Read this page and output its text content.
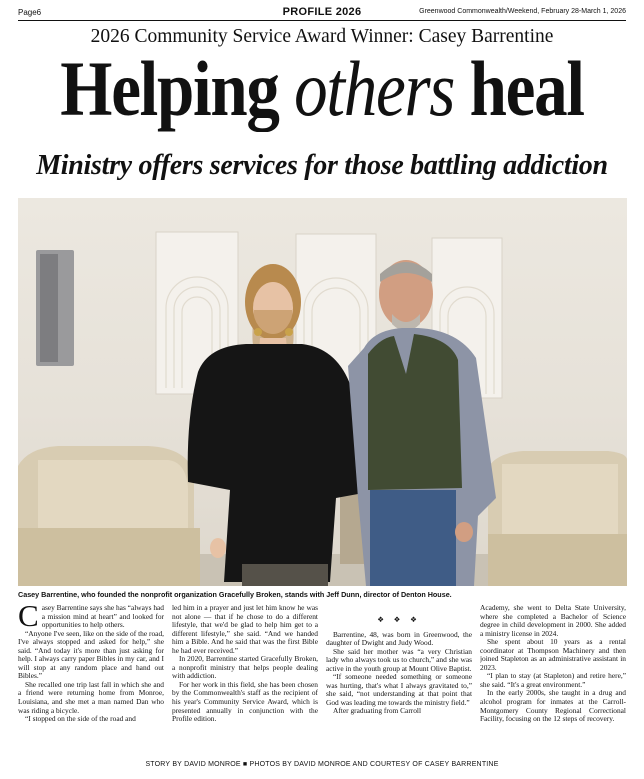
Page6	PROFILE 2026	Greenwood Commonwealth/Weekend, February 28-March 1, 2026
2026 Community Service Award Winner: Casey Barrentine
Helping others heal
Ministry offers services for those battling addiction
Casey Barrentine, who founded the nonprofit organization Gracefully Broken, stands with Jeff Dunn, director of Denton House.

Casey Barrentine says she has “always had a mission mind at heart” and looked for opportunities to help others.

“Anyone I've seen, like on the side of the road, I've always stopped and asked for help,” she said. “And today it's more than just asking for help. I always carry paper Bibles in my car, and I will stop at any random place and hand out Bibles.”

She recalled one trip last fall in which she and a friend were returning home from Monroe, Louisiana, and she met a man named Dan who was riding a bicycle.

“I stopped on the side of the road and

led him in a prayer and just let him know he was not alone — that if he chose to do a different lifestyle, that we'd be glad to help him get to a different lifestyle,” she said. “And we handed him a Bible. And he said that was the first Bible he had ever received.”

In 2020, Barrentine started Gracefully Broken, a nonprofit ministry that helps people dealing with addiction.

For her work in this field, she has been chosen by the Commonwealth's staff as the recipient of his year's Community Service Award, which is presented annually in conjunction with the Profile edition.

❖ ❖ ❖

Barrentine, 48, was born in Greenwood, the daughter of Dwight and Judy Wood.

She said her mother was “a very Christian lady who always took us to church,” and she was active in the youth group at Mount Olive Baptist.

“If someone needed something or someone was hurting, that's what I always gravitated to,” she said, “not understanding at that point that God was leading me towards the ministry field.”

After graduating from Carroll

Academy, she went to Delta State University, where she completed a Bachelor of Science degree in child development in 2000. She added a ministry license in 2024.

She spent about 10 years as a rental coordinator at Thompson Machinery and then joined Stapleton as an administrative assistant in 2023.

“I plan to stay (at Stapleton) and retire here,” she said. “It's a great environment.”

In the early 2000s, she taught in a drug and alcohol program for inmates at the Carroll-Montgomery County Regional Correctional Facility, focusing on the 12 steps of recovery.

STORY BY DAVID MONROE ■ PHOTOS BY DAVID MONROE AND COURTESY OF CASEY BARRENTINE
